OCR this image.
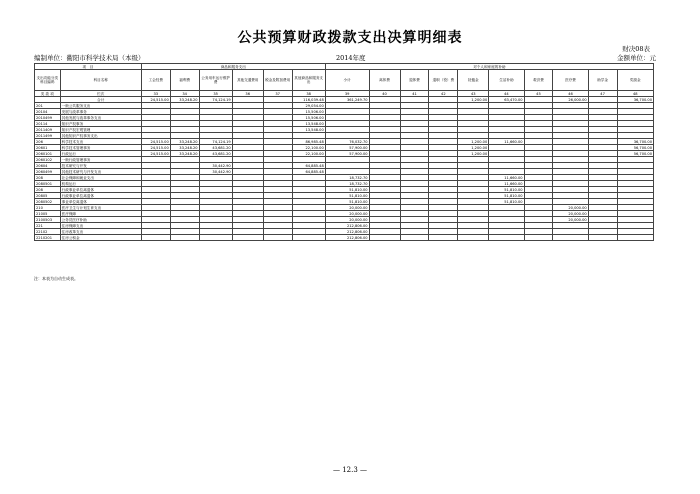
公共预算财政拨款支出决算明细表
财决08表
编制单位：衢阳市科学技术局（本级）	2014年度	金额单位：元
项　目		商品和服务支出						对个人和家庭的补助									
支出功能分类科目编码	科目名称	工会经费	福利费	公务用车运行维护费	其他交通费用	税金及附加费用	其他商品和服务支出	小计	离休费	退休费	退职（役）费	抚恤金	生活补助	救济费	医疗费	助学金	奖励金
类 款 项	栏次	33	34	35	36	37	38	39	40	41	42	43	44	45	46	47	48
	合计	24,515.00	33,248.20	74,124.19			116,039.48	361,249.70				1,200.00	63,470.00		26,000.00		36,700.00
201	一般公共服务支出						29,054.00										
20104	发展与改革事务						15,506.00										
2010499	其他发展与改革事务支出						15,506.00										
20114	知识产权事务						13,548.00										
2011409	知识产权宏观管理						13,548.00										
2011499	其他知识产权事务支出																
206	科学技术支出	24,515.00	33,248.20	74,124.19			86,985.48	76,032.70				1,200.00	11,660.00				36,700.00
20601	科学技术管理事务	24,515.00	33,248.20	43,681.20			22,100.00	57,900.00				1,200.00					56,700.00
2060101	行政运行	24,515.00	33,248.20	43,681.20			22,100.00	57,900.00				1,200.00					56,700.00
2060102	一般行政管理事务																
20604	技术研究与开发			30,442.90			64,885.48										
2060499	其他技术研究与开发支出			30,442.90			64,885.48										
208	社会保障和就业支出							18,732.70					11,660.00				
2080501	机构运行							18,732.70					11,660.00				
208	行政事业单位离退休							51,810.00					51,810.00				
20805	行政事业单位离退休							51,810.00					51,810.00				
2080502	事业单位离退休							51,810.00					51,810.00				
210	医疗卫生与计划生育支出							20,000.00							20,000.00		
21005	医疗保障							20,000.00							20,000.00		
2100503	公务员医疗补助							20,000.00							20,000.00		
221	住房保障支出							212,806.00									
22102	住房改革支出							212,806.00									
2210201	住房公积金							212,806.00									
注：本表为自动生成表。
— 12.3 —
